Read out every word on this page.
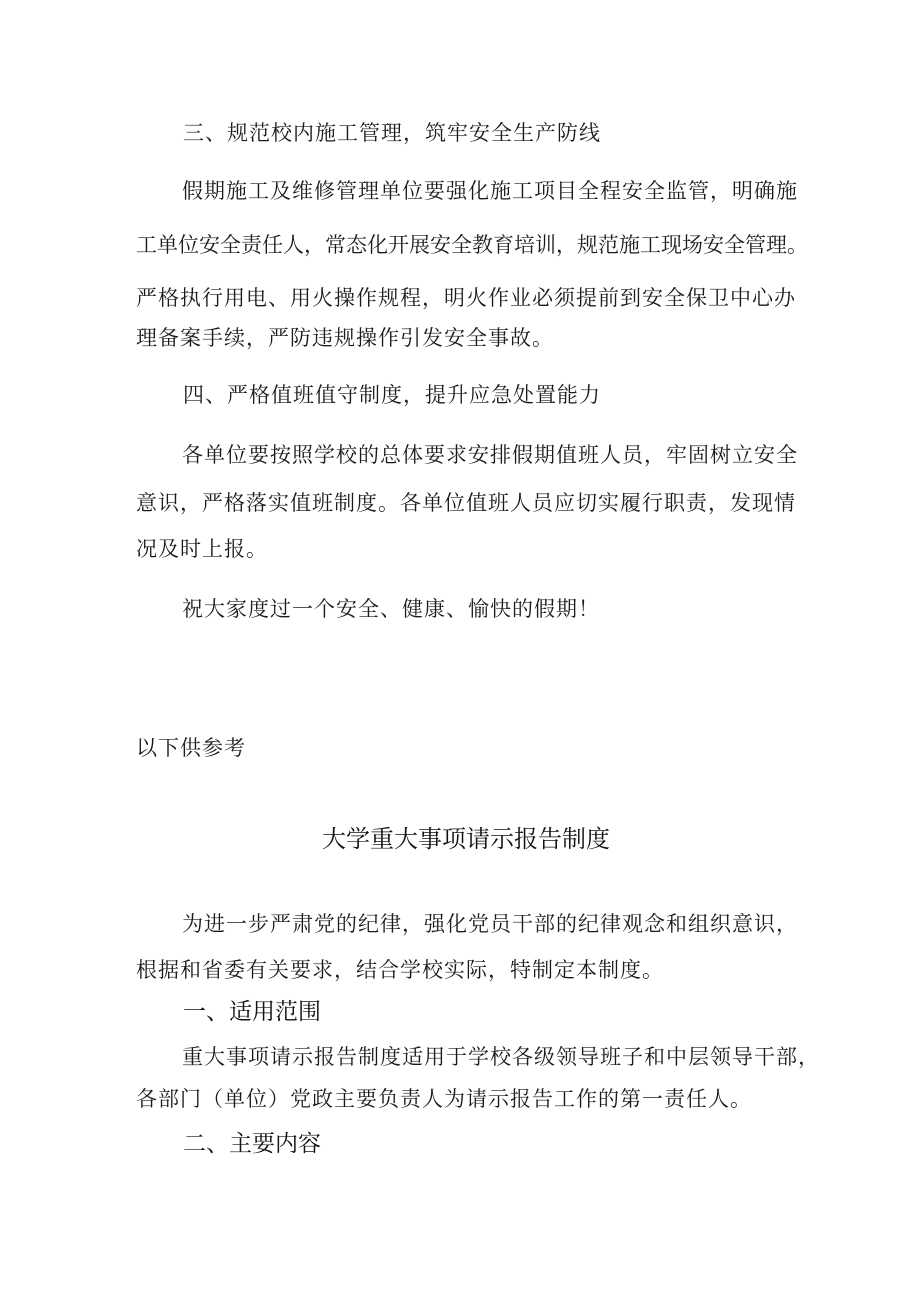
三、规范校内施工管理，筑牢安全生产防线
假期施工及维修管理单位要强化施工项目全程安全监管，明确施
工单位安全责任人，常态化开展安全教育培训，规范施工现场安全管理。
严格执行用电、用火操作规程，明火作业必须提前到安全保卫中心办
理备案手续，严防违规操作引发安全事故。
四、严格值班值守制度，提升应急处置能力
各单位要按照学校的总体要求安排假期值班人员，牢固树立安全
意识，严格落实值班制度。各单位值班人员应切实履行职责，发现情
况及时上报。
祝大家度过一个安全、健康、愉快的假期！
以下供参考
大学重大事项请示报告制度
为进一步严肃党的纪律，强化党员干部的纪律观念和组织意识，
根据和省委有关要求，结合学校实际，特制定本制度。
一、适用范围
重大事项请示报告制度适用于学校各级领导班子和中层领导干部，
各部门（单位）党政主要负责人为请示报告工作的第一责任人。
二、主要内容
